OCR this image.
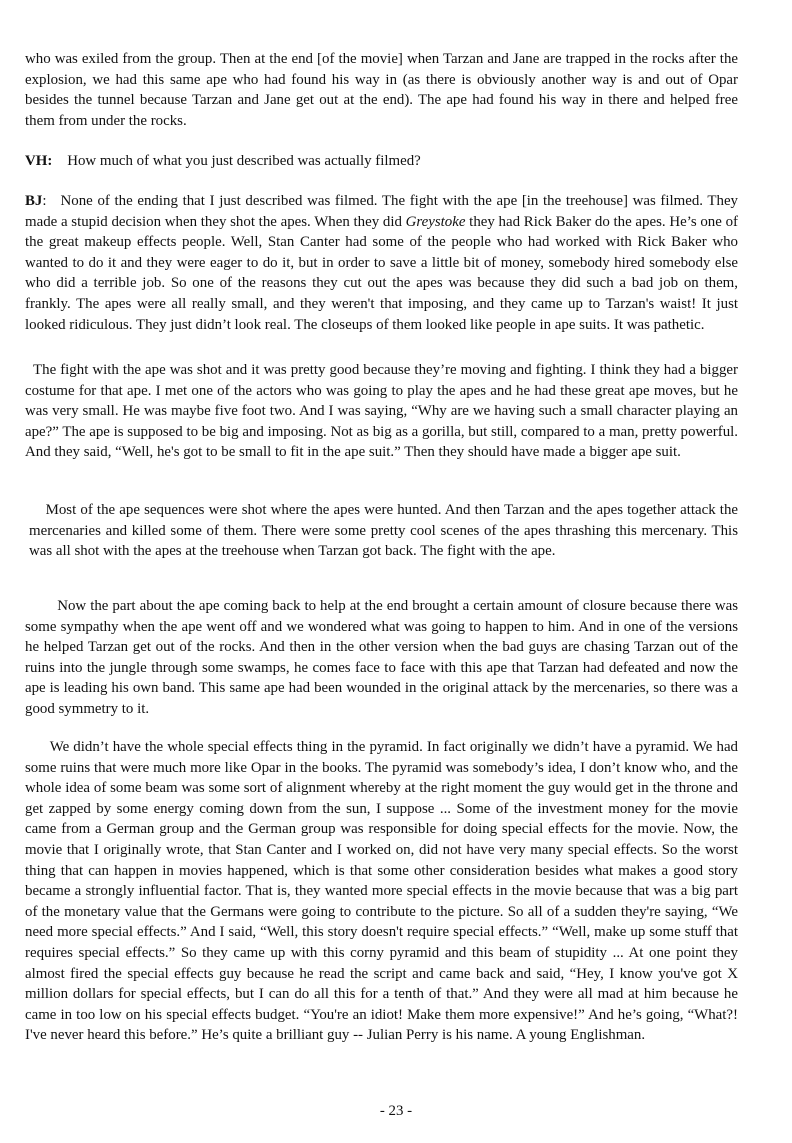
who was exiled from the group. Then at the end [of the movie] when Tarzan and Jane are trapped in the rocks after the explosion, we had this same ape who had found his way in (as there is obviously another way is and out of Opar besides the tunnel because Tarzan and Jane get out at the end). The ape had found his way in there and helped free them from under the rocks.

VH: How much of what you just described was actually filmed?

BJ: None of the ending that I just described was filmed. The fight with the ape [in the treehouse] was filmed. They made a stupid decision when they shot the apes. When they did Greystoke they had Rick Baker do the apes. He’s one of the great makeup effects people. Well, Stan Canter had some of the people who had worked with Rick Baker who wanted to do it and they were eager to do it, but in order to save a little bit of money, somebody hired somebody else who did a terrible job. So one of the reasons they cut out the apes was because they did such a bad job on them, frankly. The apes were all really small, and they weren't that imposing, and they came up to Tarzan's waist! It just looked ridiculous. They just didn’t look real. The closeups of them looked like people in ape suits. It was pathetic.

The fight with the ape was shot and it was pretty good because they’re moving and fighting. I think they had a bigger costume for that ape. I met one of the actors who was going to play the apes and he had these great ape moves, but he was very small. He was maybe five foot two. And I was saying, “Why are we having such a small character playing an ape?” The ape is supposed to be big and imposing. Not as big as a gorilla, but still, compared to a man, pretty powerful. And they said, “Well, he's got to be small to fit in the ape suit.” Then they should have made a bigger ape suit.

Most of the ape sequences were shot where the apes were hunted. And then Tarzan and the apes together attack the mercenaries and killed some of them. There were some pretty cool scenes of the apes thrashing this mercenary. This was all shot with the apes at the treehouse when Tarzan got back. The fight with the ape.

Now the part about the ape coming back to help at the end brought a certain amount of closure because there was some sympathy when the ape went off and we wondered what was going to happen to him. And in one of the versions he helped Tarzan get out of the rocks. And then in the other version when the bad guys are chasing Tarzan out of the ruins into the jungle through some swamps, he comes face to face with this ape that Tarzan had defeated and now the ape is leading his own band. This same ape had been wounded in the original attack by the mercenaries, so there was a good symmetry to it.

We didn’t have the whole special effects thing in the pyramid. In fact originally we didn’t have a pyramid. We had some ruins that were much more like Opar in the books. The pyramid was somebody’s idea, I don’t know who, and the whole idea of some beam was some sort of alignment whereby at the right moment the guy would get in the throne and get zapped by some energy coming down from the sun, I suppose ... Some of the investment money for the movie came from a German group and the German group was responsible for doing special effects for the movie. Now, the movie that I originally wrote, that Stan Canter and I worked on, did not have very many special effects. So the worst thing that can happen in movies happened, which is that some other consideration besides what makes a good story became a strongly influential factor. That is, they wanted more special effects in the movie because that was a big part of the monetary value that the Germans were going to contribute to the picture. So all of a sudden they're saying, “We need more special effects.” And I said, “Well, this story doesn't require special effects.” “Well, make up some stuff that requires special effects.” So they came up with this corny pyramid and this beam of stupidity ... At one point they almost fired the special effects guy because he read the script and came back and said, “Hey, I know you've got X million dollars for special effects, but I can do all this for a tenth of that.” And they were all mad at him because he came in too low on his special effects budget. “You're an idiot! Make them more expensive!” And he’s going, “What?! I've never heard this before.” He’s quite a brilliant guy -- Julian Perry is his name. A young Englishman.

- 23 -
